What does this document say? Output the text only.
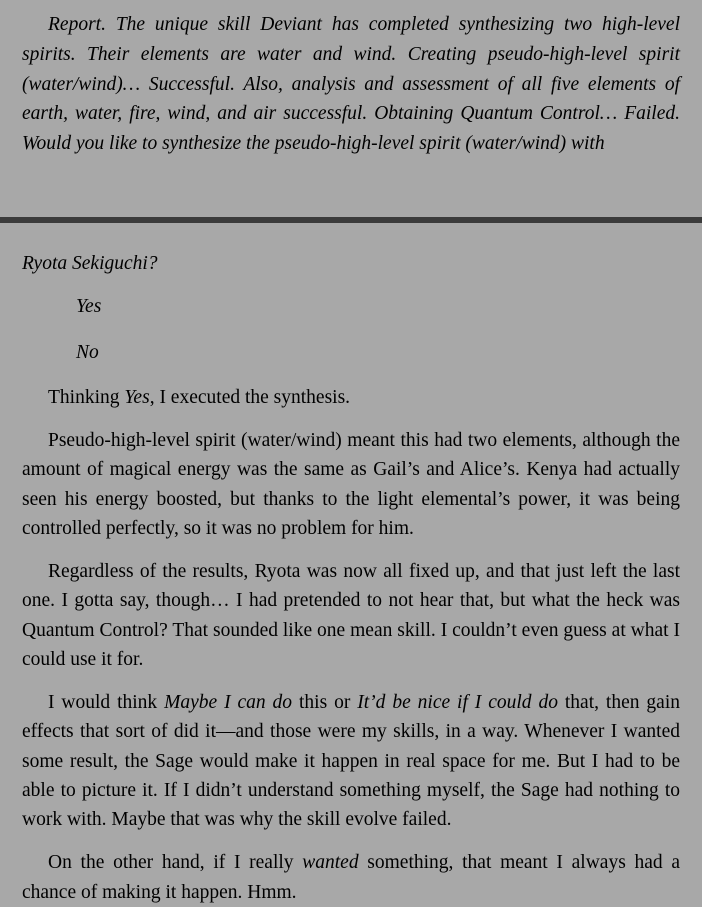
Report. The unique skill Deviant has completed synthesizing two high-level spirits. Their elements are water and wind. Creating pseudo-high-level spirit (water/wind)… Successful. Also, analysis and assessment of all five elements of earth, water, fire, wind, and air successful. Obtaining Quantum Control… Failed. Would you like to synthesize the pseudo-high-level spirit (water/wind) with

Ryota Sekiguchi?

Yes

No

Thinking Yes, I executed the synthesis.

Pseudo-high-level spirit (water/wind) meant this had two elements, although the amount of magical energy was the same as Gail’s and Alice’s. Kenya had actually seen his energy boosted, but thanks to the light elemental’s power, it was being controlled perfectly, so it was no problem for him.

Regardless of the results, Ryota was now all fixed up, and that just left the last one. I gotta say, though… I had pretended to not hear that, but what the heck was Quantum Control? That sounded like one mean skill. I couldn’t even guess at what I could use it for.

I would think Maybe I can do this or It’d be nice if I could do that, then gain effects that sort of did it—and those were my skills, in a way. Whenever I wanted some result, the Sage would make it happen in real space for me. But I had to be able to picture it. If I didn’t understand something myself, the Sage had nothing to work with. Maybe that was why the skill evolve failed.

On the other hand, if I really wanted something, that meant I always had a chance of making it happen. Hmm.
